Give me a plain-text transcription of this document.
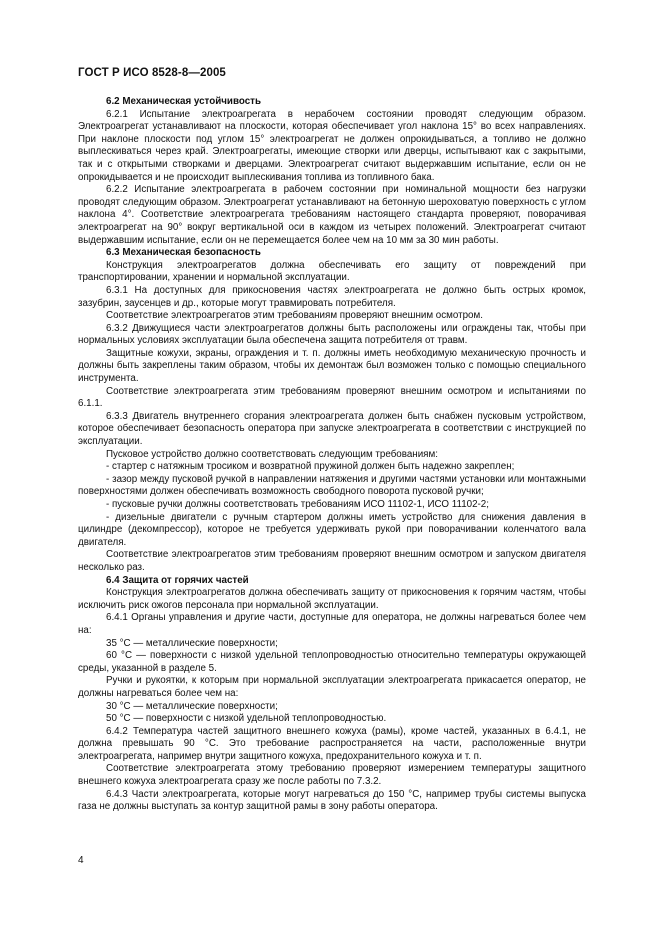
ГОСТ Р ИСО 8528-8—2005

6.2 Механическая устойчивость

6.2.1 Испытание электроагрегата в нерабочем состоянии проводят следующим образом. Электроагрегат устанавливают на плоскости, которая обеспечивает угол наклона 15° во всех направлениях. При наклоне плоскости под углом 15° электроагрегат не должен опрокидываться, а топливо не должно выплескиваться через край. Электроагрегаты, имеющие створки или дверцы, испытывают как с закрытыми, так и с открытыми створками и дверцами. Электроагрегат считают выдержавшим испытание, если он не опрокидывается и не происходит выплескивания топлива из топливного бака.

6.2.2 Испытание электроагрегата в рабочем состоянии при номинальной мощности без нагрузки проводят следующим образом. Электроагрегат устанавливают на бетонную шероховатую поверхность с углом наклона 4°. Соответствие электроагрегата требованиям настоящего стандарта проверяют, поворачивая электроагрегат на 90° вокруг вертикальной оси в каждом из четырех положений. Электроагрегат считают выдержавшим испытание, если он не перемещается более чем на 10 мм за 30 мин работы.

6.3 Механическая безопасность

Конструкция электроагрегатов должна обеспечивать его защиту от повреждений при транспортировании, хранении и нормальной эксплуатации.

6.3.1 На доступных для прикосновения частях электроагрегата не должно быть острых кромок, зазубрин, заусенцев и др., которые могут травмировать потребителя.

Соответствие электроагрегатов этим требованиям проверяют внешним осмотром.

6.3.2 Движущиеся части электроагрегатов должны быть расположены или ограждены так, чтобы при нормальных условиях эксплуатации была обеспечена защита потребителя от травм.

Защитные кожухи, экраны, ограждения и т. п. должны иметь необходимую механическую прочность и должны быть закреплены таким образом, чтобы их демонтаж был возможен только с помощью специального инструмента.

Соответствие электроагрегата этим требованиям проверяют внешним осмотром и испытаниями по 6.1.1.

6.3.3 Двигатель внутреннего сгорания электроагрегата должен быть снабжен пусковым устройством, которое обеспечивает безопасность оператора при запуске электроагрегата в соответствии с инструкцией по эксплуатации.

Пусковое устройство должно соответствовать следующим требованиям:

- стартер с натяжным тросиком и возвратной пружиной должен быть надежно закреплен;

- зазор между пусковой ручкой в направлении натяжения и другими частями установки или монтажными поверхностями должен обеспечивать возможность свободного поворота пусковой ручки;

- пусковые ручки должны соответствовать требованиям ИСО 11102-1, ИСО 11102-2;

- дизельные двигатели с ручным стартером должны иметь устройство для снижения давления в цилиндре (декомпрессор), которое не требуется удерживать рукой при поворачивании коленчатого вала двигателя.

Соответствие электроагрегатов этим требованиям проверяют внешним осмотром и запуском двигателя несколько раз.

6.4 Защита от горячих частей

Конструкция электроагрегатов должна обеспечивать защиту от прикосновения к горячим частям, чтобы исключить риск ожогов персонала при нормальной эксплуатации.

6.4.1 Органы управления и другие части, доступные для оператора, не должны нагреваться более чем на:

35 °С — металлические поверхности;

60 °С — поверхности с низкой удельной теплопроводностью относительно температуры окружающей среды, указанной в разделе 5.

Ручки и рукоятки, к которым при нормальной эксплуатации электроагрегата прикасается оператор, не должны нагреваться более чем на:

30 °С — металлические поверхности;

50 °С — поверхности с низкой удельной теплопроводностью.

6.4.2 Температура частей защитного внешнего кожуха (рамы), кроме частей, указанных в 6.4.1, не должна превышать 90 °С. Это требование распространяется на части, расположенные внутри электроагрегата, например внутри защитного кожуха, предохранительного кожуха и т. п.

Соответствие электроагрегата этому требованию проверяют измерением температуры защитного внешнего кожуха электроагрегата сразу же после работы по 7.3.2.

6.4.3 Части электроагрегата, которые могут нагреваться до 150 °С, например трубы системы выпуска газа не должны выступать за контур защитной рамы в зону работы оператора.

4
